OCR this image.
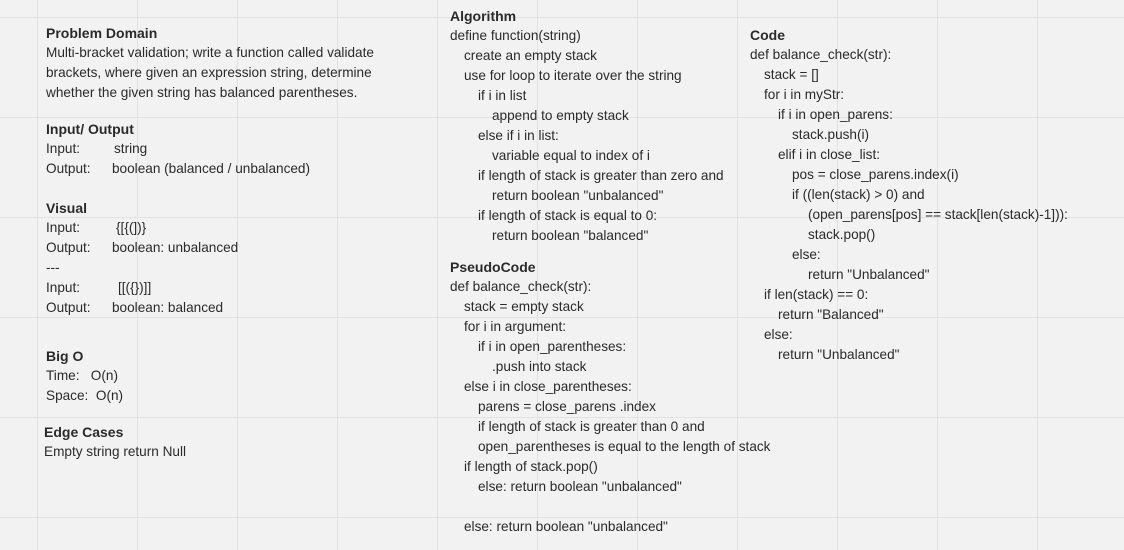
Problem Domain
Multi-bracket validation; write a function called validate brackets, where given an expression string, determine whether the given string has balanced parentheses.
Input/ Output
Input: string
Output: boolean (balanced / unbalanced)
Visual
Input:	{[{(])}
Output: boolean: unbalanced
---
Input:	[[({})]]
Output: boolean: balanced
Big O
Time:   O(n)
Space:  O(n)
Edge Cases
Empty string return Null
Algorithm
define function(string)
create an empty stack
use for loop to iterate over the string
if i in list
append to empty stack
else if i in list:
variable equal to index of i
if length of stack is greater than zero and
return boolean "unbalanced"
if length of stack is equal to 0:
return boolean "balanced"
PseudoCode
def balance_check(str):
stack = empty stack
for i in argument:
if i in open_parentheses:
.push into stack
else i in close_parentheses:
parens = close_parens .index
if length of stack is greater than 0 and
open_parentheses is equal to the length of stack
if length of stack.pop()
else: return boolean "unbalanced"
else: return boolean "unbalanced"
Code
def balance_check(str):
stack = []
for i in myStr:
if i in open_parens:
stack.push(i)
elif i in close_list:
pos = close_parens.index(i)
if ((len(stack) > 0) and
(open_parens[pos] == stack[len(stack)-1])):
stack.pop()
else:
return "Unbalanced"
if len(stack) == 0:
return "Balanced"
else:
return "Unbalanced"
